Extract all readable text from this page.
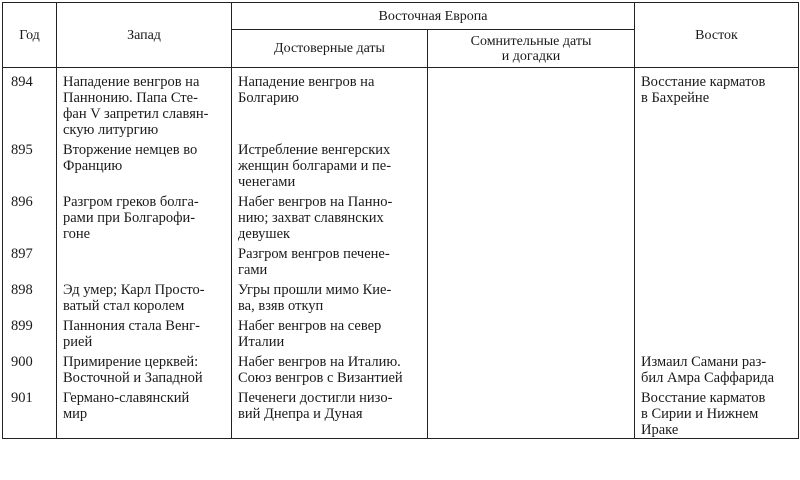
Год	Запад	Восточная Европа		Восток
		Достоверные даты	Сомнительные даты
и догадки	
894	Нападение венгров на
Паннонию. Папа Сте-
фан V запретил славян-
скую литургию	Нападение венгров на
Болгарию		Восстание карматов
в Бахрейне
895	Вторжение немцев во
Францию	Истребление венгерских
женщин болгарами и пе-
ченегами		
896	Разгром греков болга-
рами при Болгарофи-
гоне	Набег венгров на Панно-
нию; захват славянских
девушек		
897		Разгром венгров печене-
гами		
898	Эд умер; Карл Просто-
ватый стал королем	Угры прошли мимо Кие-
ва, взяв откуп		
899	Паннония стала Венг-
рией	Набег венгров на север
Италии		
900	Примирение церквей:
Восточной и Западной	Набег венгров на Италию.
Союз венгров с Византией		Измаил Самани раз-
бил Амра Саффарида
901	Германо-славянский
мир	Печенеги достигли низо-
вий Днепра и Дуная		Восстание карматов
в Сирии и Нижнем
Ираке
